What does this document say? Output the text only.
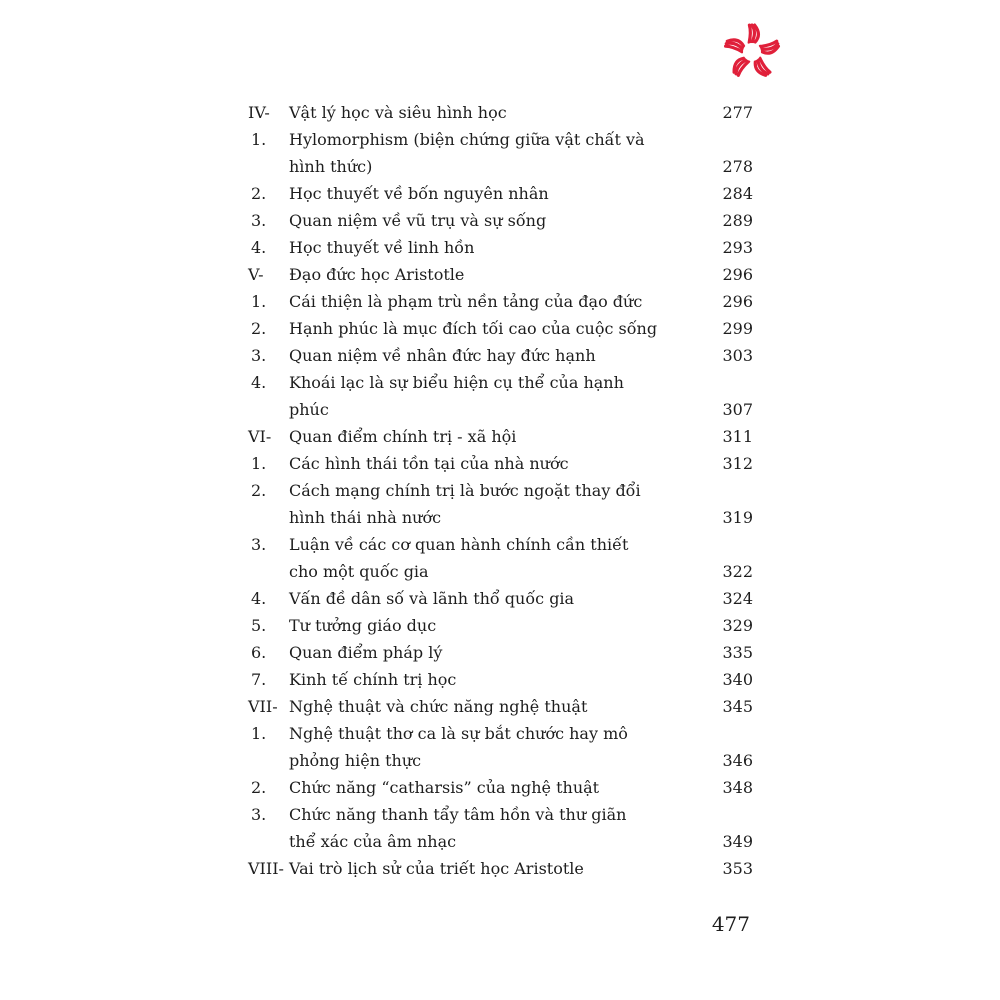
IV- Vật lý học và siêu hình học	277
1. Hylomorphism (biện chứng giữa vật chất và
hình thức)	278
2. Học thuyết về bốn nguyên nhân	284
3. Quan niệm về vũ trụ và sự sống	289
4. Học thuyết về linh hồn	293
V- Đạo đức học Aristotle	296
1. Cái thiện là phạm trù nền tảng của đạo đức	296
2. Hạnh phúc là mục đích tối cao của cuộc sống	299
3. Quan niệm về nhân đức hay đức hạnh	303
4. Khoái lạc là sự biểu hiện cụ thể của hạnh
phúc	307
VI- Quan điểm chính trị - xã hội	311
1. Các hình thái tồn tại của nhà nước	312
2. Cách mạng chính trị là bước ngoặt thay đổi
hình thái nhà nước	319
3. Luận về các cơ quan hành chính cần thiết
cho một quốc gia	322
4. Vấn đề dân số và lãnh thổ quốc gia	324
5. Tư tưởng giáo dục	329
6. Quan điểm pháp lý	335
7. Kinh tế chính trị học	340
VII- Nghệ thuật và chức năng nghệ thuật	345
1. Nghệ thuật thơ ca là sự bắt chước hay mô
phỏng hiện thực	346
2. Chức năng “catharsis” của nghệ thuật	348
3. Chức năng thanh tẩy tâm hồn và thư giãn
thể xác của âm nhạc	349
VIII- Vai trò lịch sử của triết học Aristotle	353
477
